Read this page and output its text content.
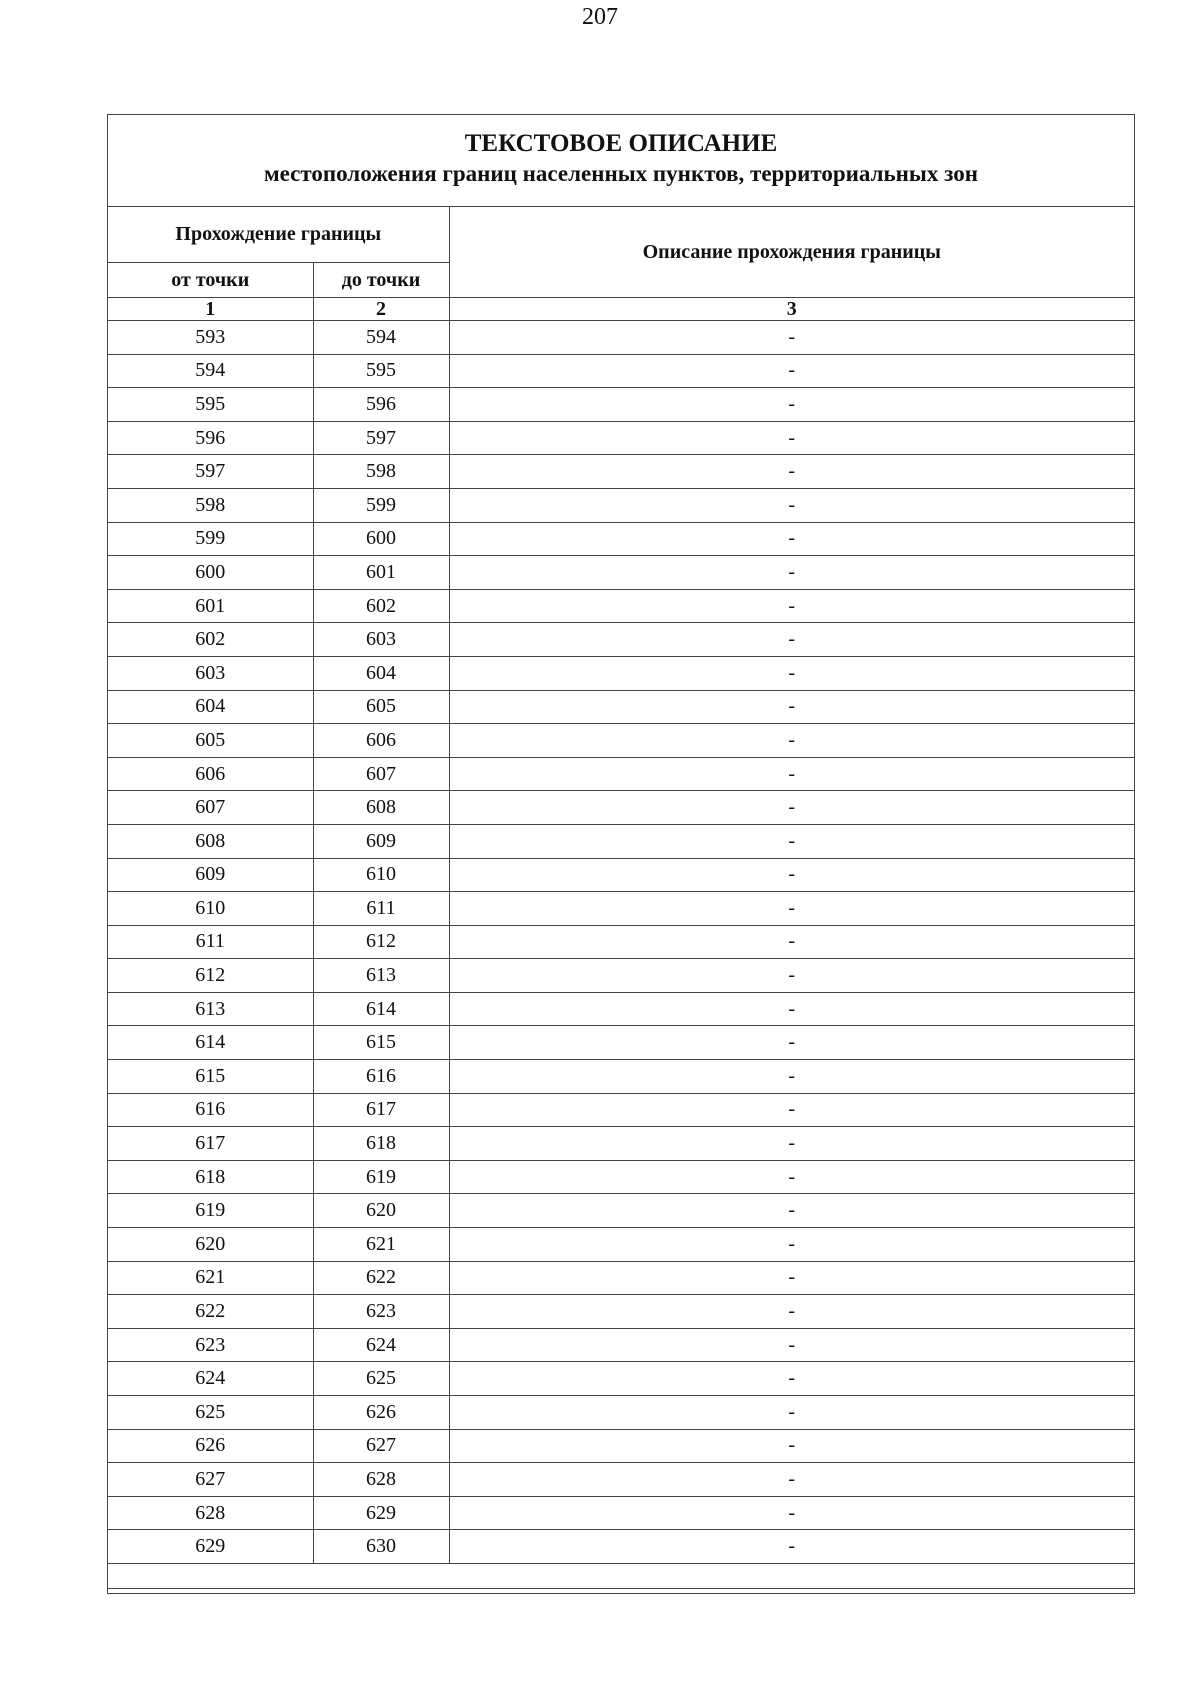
207
ТЕКСТОВОЕ ОПИСАНИЕ
местоположения границ населенных пунктов, территориальных зон
Прохождение границы		Описание прохождения границы
от точки	до точки	
1	2	3
593	594	-
594	595	-
595	596	-
596	597	-
597	598	-
598	599	-
599	600	-
600	601	-
601	602	-
602	603	-
603	604	-
604	605	-
605	606	-
606	607	-
607	608	-
608	609	-
609	610	-
610	611	-
611	612	-
612	613	-
613	614	-
614	615	-
615	616	-
616	617	-
617	618	-
618	619	-
619	620	-
620	621	-
621	622	-
622	623	-
623	624	-
624	625	-
625	626	-
626	627	-
627	628	-
628	629	-
629	630	-
